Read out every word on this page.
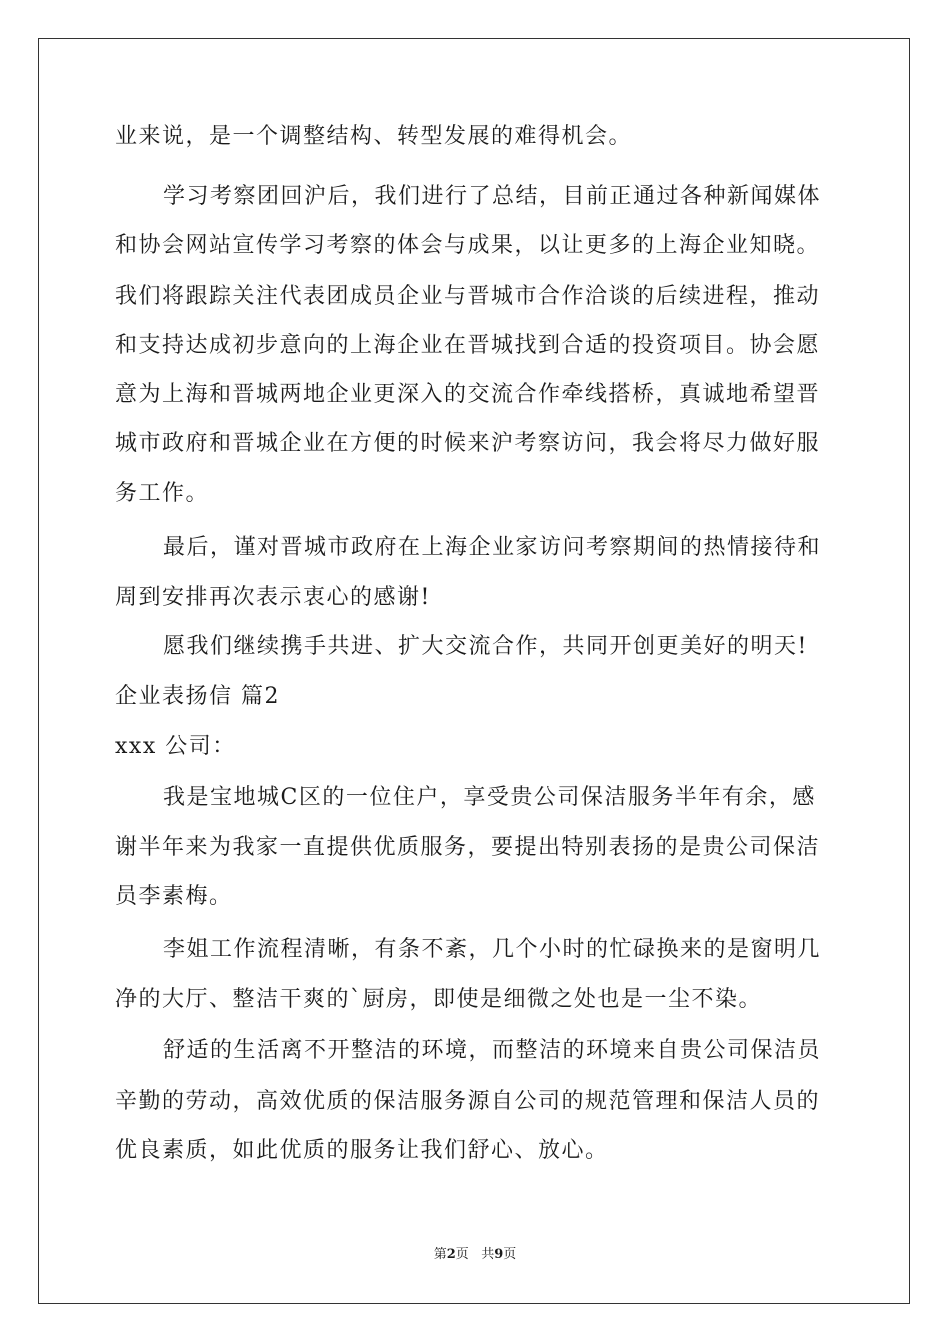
业来说，是一个调整结构、转型发展的难得机会。
学习考察团回沪后，我们进行了总结，目前正通过各种新闻媒体
和协会网站宣传学习考察的体会与成果，以让更多的上海企业知晓。
我们将跟踪关注代表团成员企业与晋城市合作洽谈的后续进程，推动
和支持达成初步意向的上海企业在晋城找到合适的投资项目。协会愿
意为上海和晋城两地企业更深入的交流合作牵线搭桥，真诚地希望晋
城市政府和晋城企业在方便的时候来沪考察访问，我会将尽力做好服
务工作。
最后，谨对晋城市政府在上海企业家访问考察期间的热情接待和
周到安排再次表示衷心的感谢!
愿我们继续携手共进、扩大交流合作，共同开创更美好的明天!
企业表扬信 篇2
xxx 公司：
我是宝地城C区的一位住户，享受贵公司保洁服务半年有余，感
谢半年来为我家一直提供优质服务，要提出特别表扬的是贵公司保洁
员李素梅。
李姐工作流程清晰，有条不紊，几个小时的忙碌换来的是窗明几
净的大厅、整洁干爽的`厨房，即使是细微之处也是一尘不染。
舒适的生活离不开整洁的环境，而整洁的环境来自贵公司保洁员
辛勤的劳动，高效优质的保洁服务源自公司的规范管理和保洁人员的
优良素质，如此优质的服务让我们舒心、放心。
第2页   共9页
